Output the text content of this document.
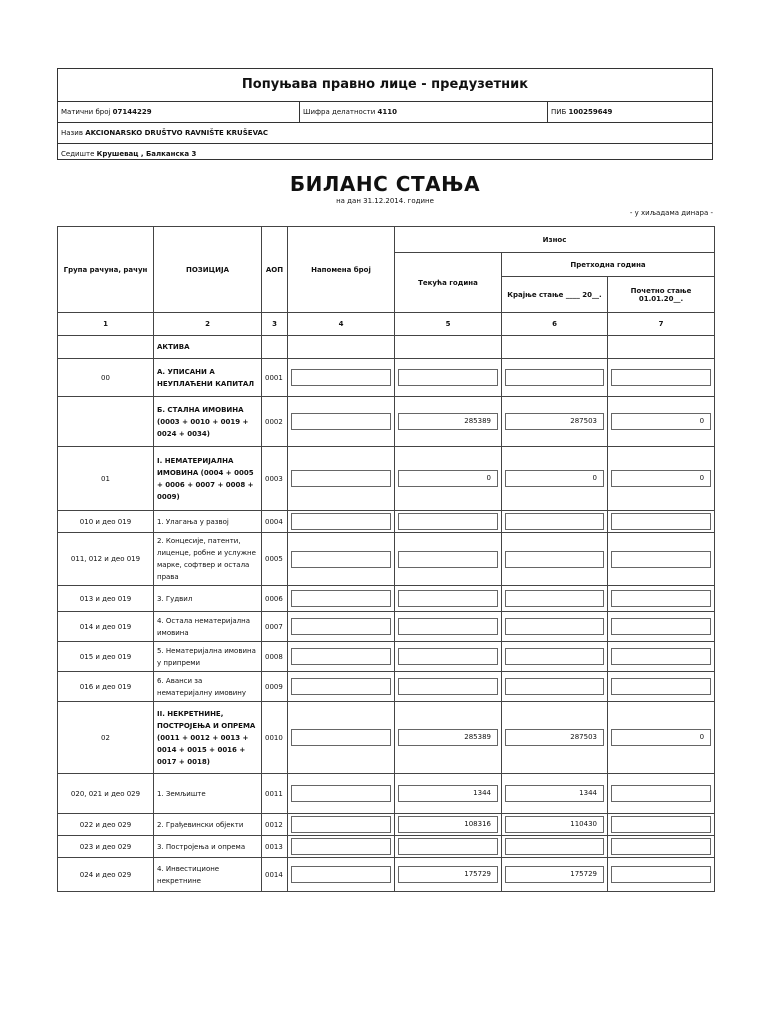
Попуњава правно лице - предузетник
Матични број 07144229	Шифра делатности 4110	ПИБ 100259649
Назив AKCIONARSKO DRUŠTVO RAVNIŠTE KRUŠEVAC
Седиште Крушевац , Балканска 3
БИЛАНС СТАЊА
на дан 31.12.2014. године
- у хиљадама динара -
Група рачуна, рачун	ПОЗИЦИЈА	АОП	Напомена број	Износ		
				Текућа година	Претходна година	
					Крајње стање ____ 20__.	Почетно стање 01.01.20__.
1	2	3	4	5	6	7
	АКТИВА					
00	А. УПИСАНИ А НЕУПЛАЋЕНИ КАПИТАЛ	0001	

	Б. СТАЛНА ИМОВИНА (0003 + 0010 + 0019 + 0024 + 0034)	0002		285389	287503	0

01	I. НЕМАТЕРИЈАЛНА ИМОВИНА (0004 + 0005 + 0006 + 0007 + 0008 + 0009)	0003		0	0	0

010 и део 019	1. Улагања у развој	0004	

011, 012 и део 019	2. Концесије, патенти, лиценце, робне и услужне марке, софтвер и остала права	0005	

013 и део 019	3. Гудвил	0006	

014 и део 019	4. Остала нематеријална имовина	0007	

015 и део 019	5. Нематеријална имовина у припреми	0008	

016 и део 019	6. Аванси за нематеријалну имовину	0009	

02	II. НЕКРЕТНИНЕ, ПОСТРОЈЕЊА И ОПРЕМА (0011 + 0012 + 0013 + 0014 + 0015 + 0016 + 0017 + 0018)	0010		285389	287503	0

020, 021 и део 029	1. Земљиште	0011		1344	1344	

022 и део 029	2. Грађевински објекти	0012		108316	110430	

023 и део 029	3. Постројења и опрема	0013	

024 и део 029	4. Инвестиционе некретнине	0014		175729	175729	
